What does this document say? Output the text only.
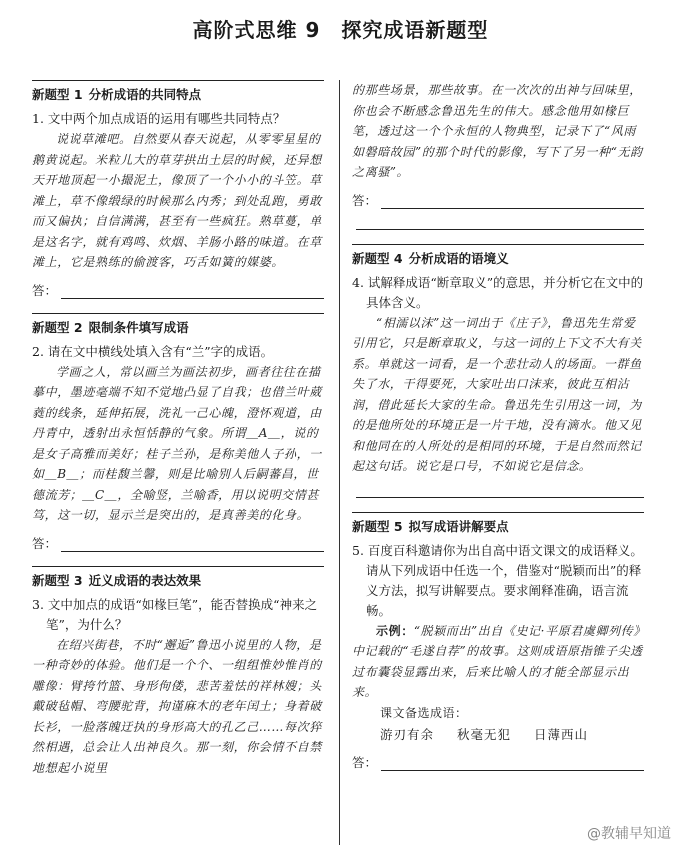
高阶式思维 9　探究成语新题型
新题型 1 分析成语的共同特点

1. 文中两个加点成语的运用有哪些共同特点？

说说草滩吧。自然要从春天说起，从零零星星的鹅黄说起。米粒儿大的草芽拱出土层的时候，还异想天开地顶起一小撮泥土，像顶了一个小小的斗笠。草滩上，草不像缎绿的时候那么内秀；到处乱跑，勇敢而又偏执；自信满满，甚至有一些疯狂。熟草蔓，单是这名字，就有鸡鸣、炊烟、羊肠小路的味道。在草滩上，它是熟练的偷渡客，巧舌如簧的媒婆。

答：
新题型 2 限制条件填写成语

2. 请在文中横线处填入含有“兰”字的成语。

学画之人，常以画兰为画法初步，画者往往在描摹中，墨迹毫端不知不觉地凸显了自我；也借兰叶葳蕤的线条，延伸拓展，洗礼一己心魄，澄怀观道，由丹青中，透射出永恒恬静的气象。所谓＿A＿，说的是女子高雅而美好；桂子兰孙，是称美他人子孙，一如＿B＿；而桂馥兰馨，则是比喻别人后嗣蕃昌，世德流芳；＿C＿，全喻竖，兰喻香，用以说明交情甚笃，这一切，显示兰是突出的，是真善美的化身。

答：
新题型 3 近义成语的表达效果

3. 文中加点的成语“如椽巨笔”，能否替换成“神来之笔”，为什么？

在绍兴街巷，不时“邂逅”鲁迅小说里的人物，是一种奇妙的体验。他们是一个个、一组组惟妙惟肖的雕像：臂挎竹篮、身形佝偻，悲苦羞怯的祥林嫂；头戴破毡帽、弯腰驼背，拘谨麻木的老年闰土；身着破长衫，一脸落魄迂执的身形高大的孔乙己……每次猝然相遇，总会让人出神良久。那一刻，你会情不自禁地想起小说里

的那些场景，那些故事。在一次次的出神与回味里，你也会不断感念鲁迅先生的伟大。感念他用如椽巨笔，透过这一个个永恒的人物典型，记录下了“风雨如磐暗故园”的那个时代的影像，写下了另一种“无韵之离骚”。

答：
新题型 4 分析成语的语境义

4. 试解释成语“断章取义”的意思，并分析它在文中的具体含义。

“相濡以沫”这一词出于《庄子》，鲁迅先生常爱引用它，只是断章取义，与这一词的上下文不大有关系。单就这一词看，是一个悲壮动人的场面。一群鱼失了水，干得要死，大家吐出口沫来，彼此互相沾润，借此延长大家的生命。鲁迅先生引用这一词，为的是他所处的环境正是一片干地，没有滴水。他又见和他同在的人所处的是相同的环境，于是自然而然记起这句话。说它是口号，不如说它是信念。

新题型 5 拟写成语讲解要点

5. 百度百科邀请你为出自高中语文课文的成语释义。请从下列成语中任选一个，借鉴对“脱颖而出”的释义方法，拟写讲解要点。要求阐释准确，语言流畅。

示例：“脱颖而出”出自《史记·平原君虞卿列传》中记载的“毛遂自荐”的故事。这则成语原指锥子尖透过布囊袋显露出来，后来比喻人的才能全部显示出来。

课文备选成语：

游刃有余 秋毫无犯 日薄西山
答：
@教辅早知道
